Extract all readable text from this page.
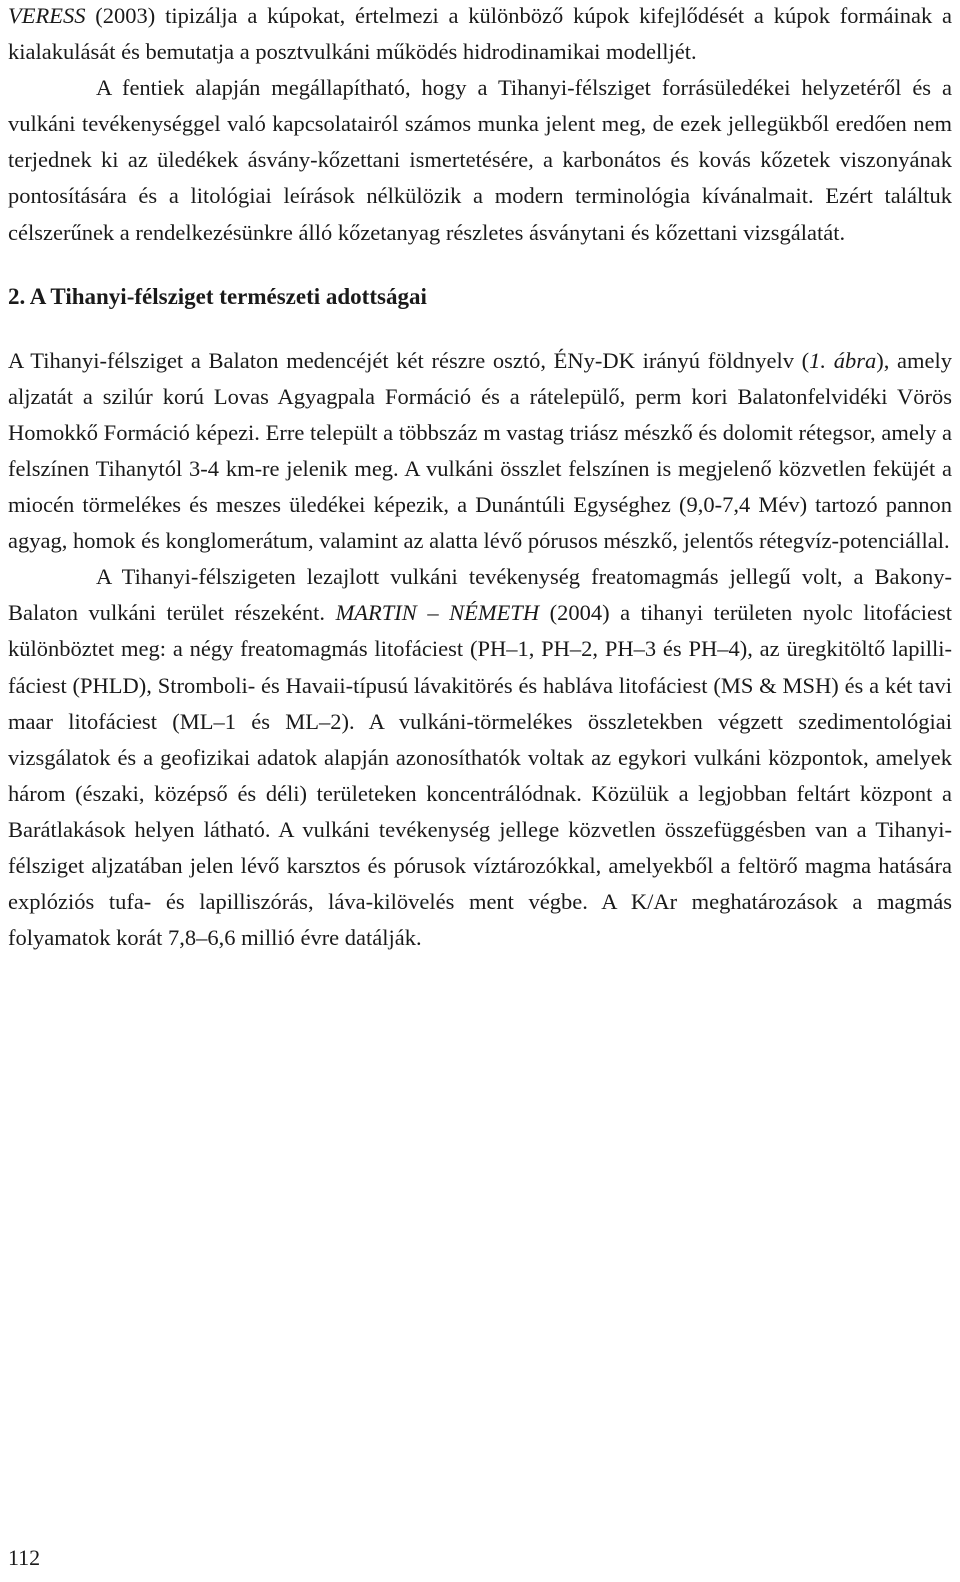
VERESS (2003) tipizálja a kúpokat, értelmezi a különböző kúpok kifejlődését a kúpok formáinak a kialakulását és bemutatja a posztvulkáni működés hidrodinamikai modelljét.

A fentiek alapján megállapítható, hogy a Tihanyi-félsziget forrásüledékei helyzetéről és a vulkáni tevékenységgel való kapcsolatairól számos munka jelent meg, de ezek jellegükből eredően nem terjednek ki az üledékek ásvány-kőzettani ismertetésére, a karbonátos és kovás kőzetek viszonyának pontosítására és a litológiai leírások nélkülözik a modern terminológia kívánalmait. Ezért találtuk célszerűnek a rendelkezésünkre álló kőzetanyag részletes ásványtani és kőzettani vizsgálatát.

2. A Tihanyi-félsziget természeti adottságai

A Tihanyi-félsziget a Balaton medencéjét két részre osztó, ÉNy-DK irányú földnyelv (1. ábra), amely aljzatát a szilúr korú Lovas Agyagpala Formáció és a rátelepülő, perm kori Balatonfelvidéki Vörös Homokkő Formáció képezi. Erre települt a többszáz m vastag triász mészkő és dolomit rétegsor, amely a felszínen Tihanytól 3-4 km-re jelenik meg. A vulkáni összlet felszínen is megjelenő közvetlen feküjét a miocén törmelékes és meszes üledékei képezik, a Dunántúli Egységhez (9,0-7,4 Mév) tartozó pannon agyag, homok és konglomerátum, valamint az alatta lévő pórusos mészkő, jelentős rétegvíz-potenciállal.

A Tihanyi-félszigeten lezajlott vulkáni tevékenység freatomagmás jellegű volt, a Bakony-Balaton vulkáni terület részeként. MARTIN – NÉMETH (2004) a tihanyi területen nyolc litofáciest különböztet meg: a négy freatomagmás litofáciest (PH–1, PH–2, PH–3 és PH–4), az üregkitöltő lapilli-fáciest (PHLD), Stromboli- és Havaii-típusú lávakitörés és hablávа litofáciest (MS & MSH) és a két tavi maar litofáciest (ML–1 és ML–2). A vulkáni-törmelékes összletekben végzett szedimentológiai vizsgálatok és a geofizikai adatok alapján azonosíthatók voltak az egykori vulkáni központok, amelyek három (északi, középső és déli) területeken koncentrálódnak. Közülük a legjobban feltárt központ a Barátlakások helyen látható. A vulkáni tevékenység jellege közvetlen összefüggésben van a Tihanyi-félsziget aljzatában jelen lévő karsztos és pórusok víztározókkal, amelyekből a feltörő magma hatására explóziós tufa- és lapilliszórás, láva-kilövelés ment végbe. A K/Ar meghatározások a magmás folyamatok korát 7,8–6,6 millió évre datálják.

112
